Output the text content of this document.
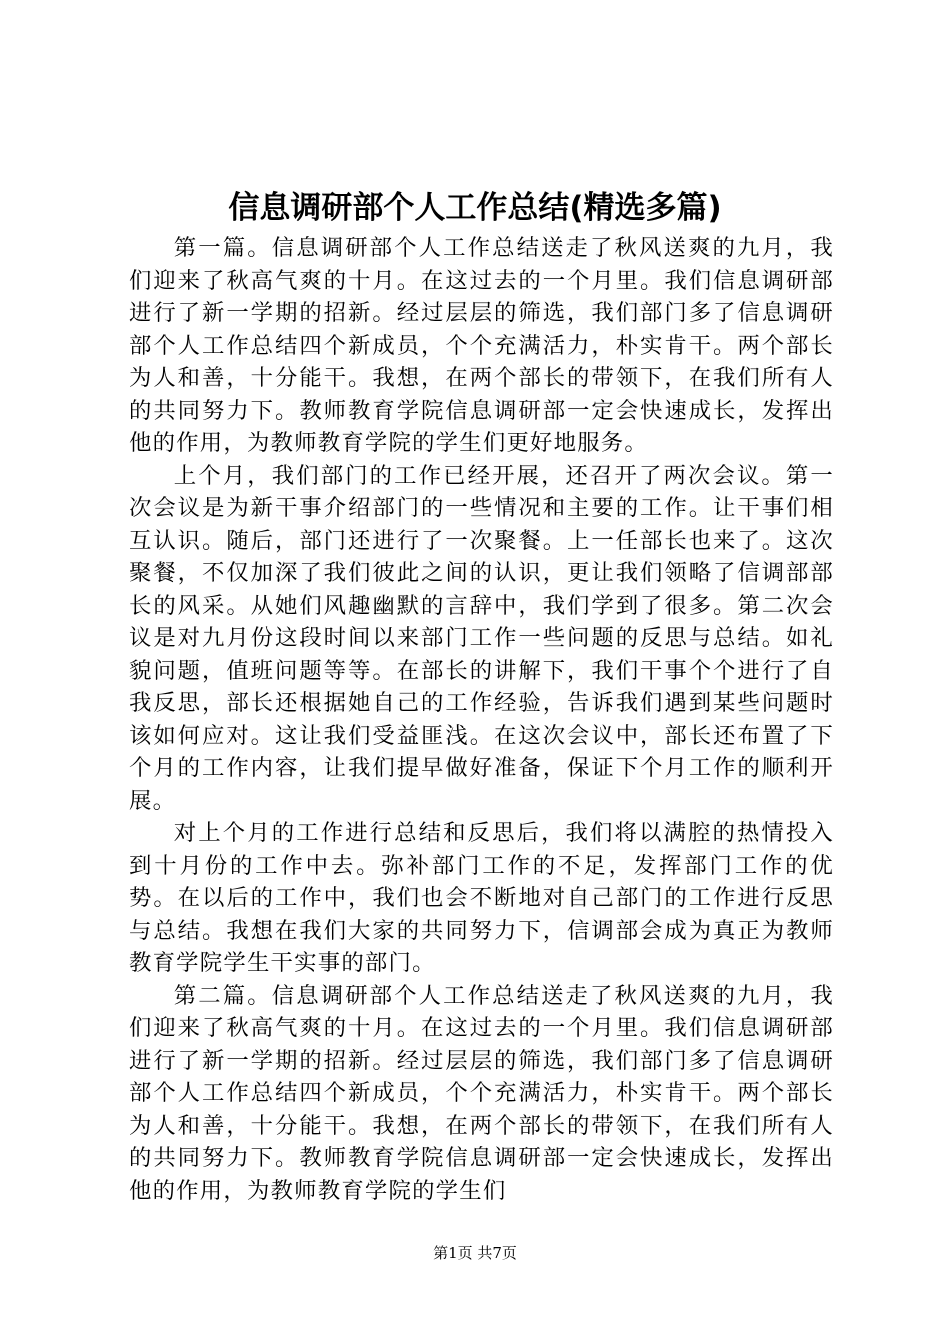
信息调研部个人工作总结(精选多篇)

第一篇。信息调研部个人工作总结送走了秋风送爽的九月，我们迎来了秋高气爽的十月。在这过去的一个月里。我们信息调研部进行了新一学期的招新。经过层层的筛选，我们部门多了信息调研部个人工作总结四个新成员，个个充满活力，朴实肯干。两个部长为人和善，十分能干。我想，在两个部长的带领下，在我们所有人的共同努力下。教师教育学院信息调研部一定会快速成长，发挥出他的作用，为教师教育学院的学生们更好地服务。

上个月，我们部门的工作已经开展，还召开了两次会议。第一次会议是为新干事介绍部门的一些情况和主要的工作。让干事们相互认识。随后，部门还进行了一次聚餐。上一任部长也来了。这次聚餐，不仅加深了我们彼此之间的认识，更让我们领略了信调部部长的风采。从她们风趣幽默的言辞中，我们学到了很多。第二次会议是对九月份这段时间以来部门工作一些问题的反思与总结。如礼貌问题，值班问题等等。在部长的讲解下，我们干事个个进行了自我反思，部长还根据她自己的工作经验，告诉我们遇到某些问题时该如何应对。这让我们受益匪浅。在这次会议中，部长还布置了下个月的工作内容，让我们提早做好准备，保证下个月工作的顺利开展。

对上个月的工作进行总结和反思后，我们将以满腔的热情投入到十月份的工作中去。弥补部门工作的不足，发挥部门工作的优势。在以后的工作中，我们也会不断地对自己部门的工作进行反思与总结。我想在我们大家的共同努力下，信调部会成为真正为教师教育学院学生干实事的部门。

第二篇。信息调研部个人工作总结送走了秋风送爽的九月，我们迎来了秋高气爽的十月。在这过去的一个月里。我们信息调研部进行了新一学期的招新。经过层层的筛选，我们部门多了信息调研部个人工作总结四个新成员，个个充满活力，朴实肯干。两个部长为人和善，十分能干。我想，在两个部长的带领下，在我们所有人的共同努力下。教师教育学院信息调研部一定会快速成长，发挥出他的作用，为教师教育学院的学生们

第1页 共7页
